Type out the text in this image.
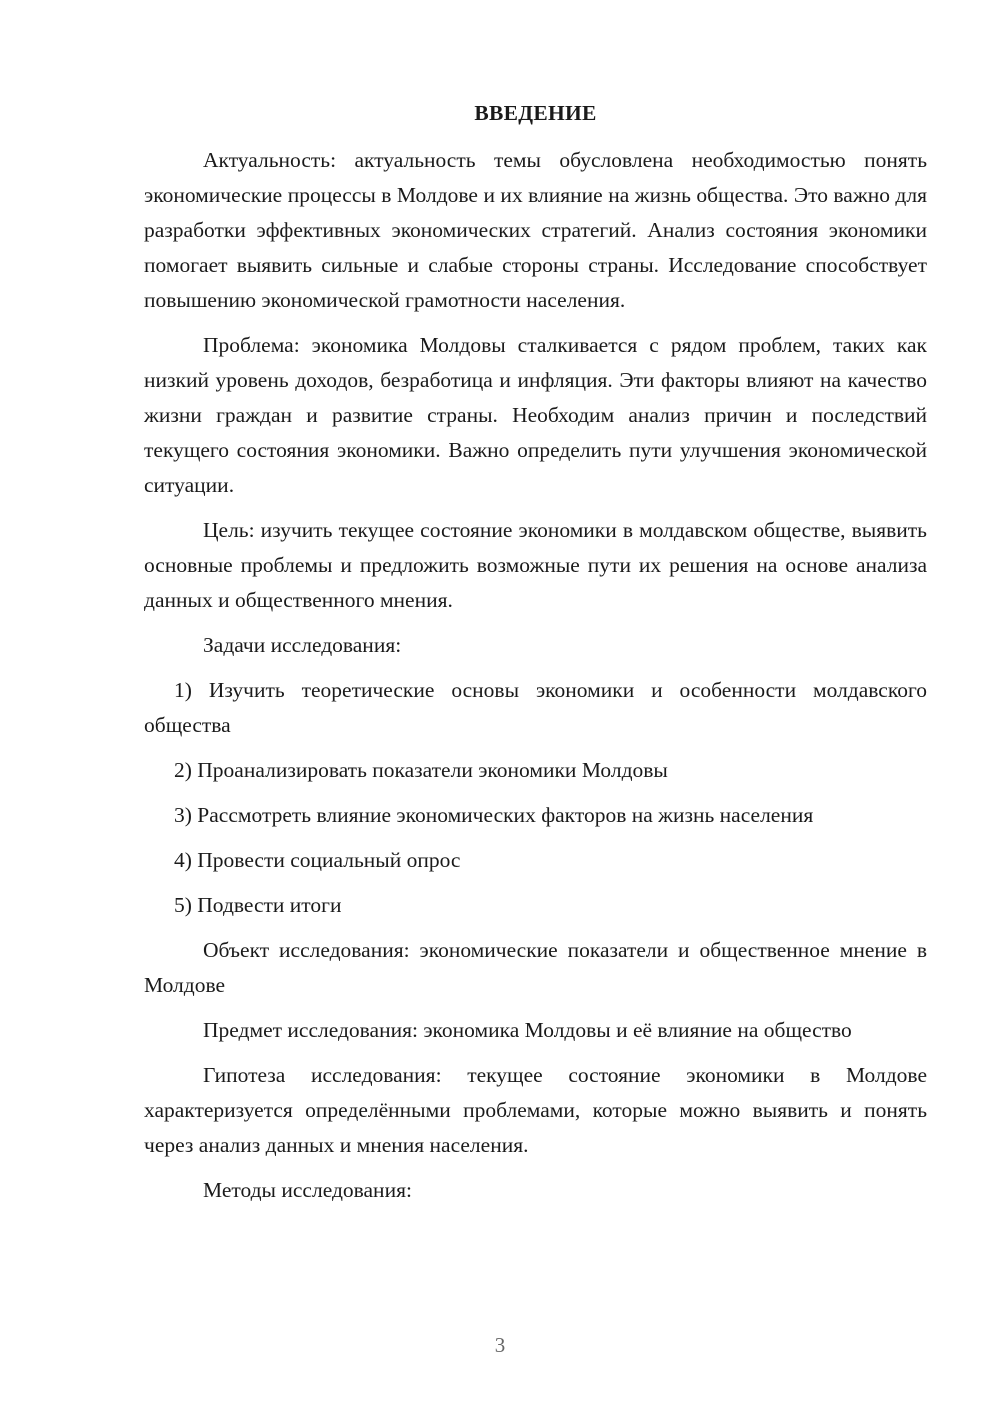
ВВЕДЕНИЕ

Актуальность: актуальность темы обусловлена необходимостью понять экономические процессы в Молдове и их влияние на жизнь общества. Это важно для разработки эффективных экономических стратегий. Анализ состояния экономики помогает выявить сильные и слабые стороны страны. Исследование способствует повышению экономической грамотности населения.

Проблема: экономика Молдовы сталкивается с рядом проблем, таких как низкий уровень доходов, безработица и инфляция. Эти факторы влияют на качество жизни граждан и развитие страны. Необходим анализ причин и последствий текущего состояния экономики. Важно определить пути улучшения экономической ситуации.

Цель: изучить текущее состояние экономики в молдавском обществе, выявить основные проблемы и предложить возможные пути их решения на основе анализа данных и общественного мнения.

Задачи исследования:

1) Изучить теоретические основы экономики и особенности молдавского общества

2) Проанализировать показатели экономики Молдовы

3) Рассмотреть влияние экономических факторов на жизнь населения

4) Провести социальный опрос

5) Подвести итоги

Объект исследования: экономические показатели и общественное мнение в Молдове

Предмет исследования: экономика Молдовы и её влияние на общество

Гипотеза исследования: текущее состояние экономики в Молдове характеризуется определёнными проблемами, которые можно выявить и понять через анализ данных и мнения населения.

Методы исследования:

3
